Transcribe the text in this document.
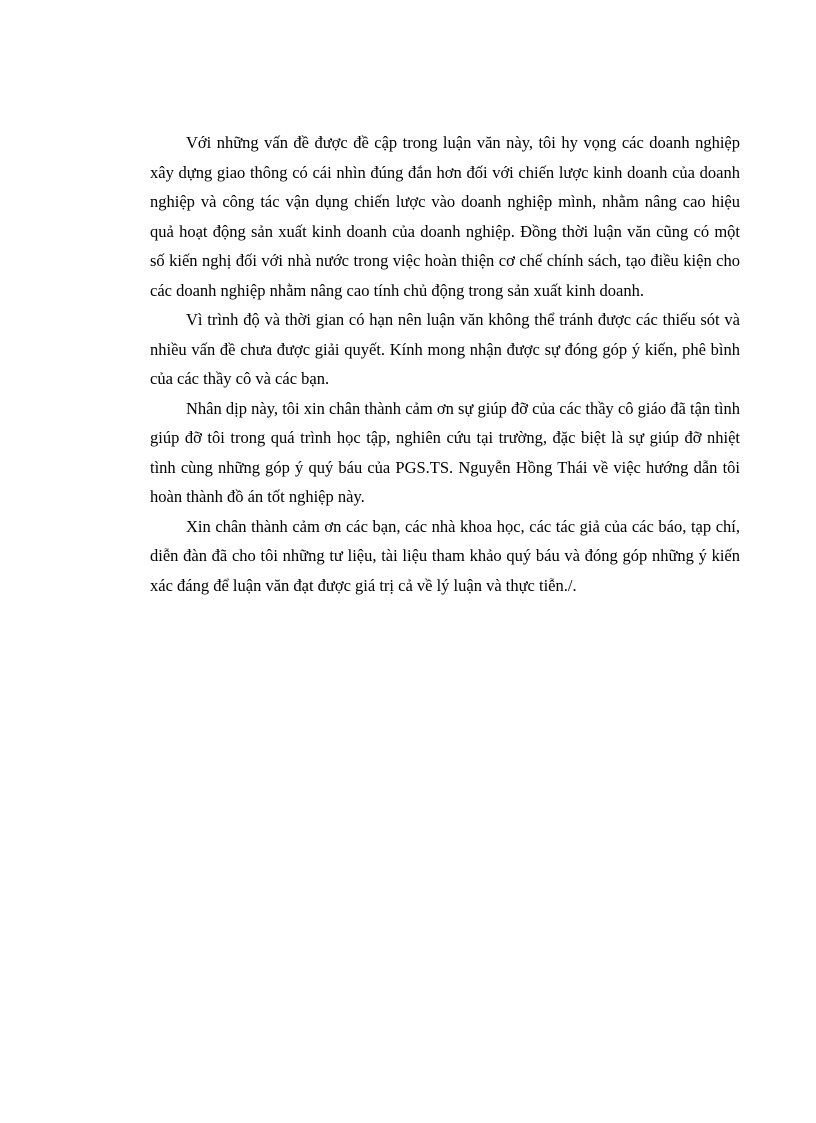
Với những vấn đề được đề cập trong luận văn này, tôi hy vọng các doanh nghiệp xây dựng giao thông có cái nhìn đúng đắn hơn đối với chiến lược kinh doanh của doanh nghiệp và công tác vận dụng chiến lược vào doanh nghiệp mình, nhằm nâng cao hiệu quả hoạt động sản xuất kinh doanh của doanh nghiệp. Đồng thời luận văn cũng có một số kiến nghị đối với nhà nước trong việc hoàn thiện cơ chế chính sách, tạo điều kiện cho các doanh nghiệp nhằm nâng cao tính chủ động trong sản xuất kinh doanh.

Vì trình độ và thời gian có hạn nên luận văn không thể tránh được các thiếu sót và nhiều vấn đề chưa được giải quyết. Kính mong nhận được sự đóng góp ý kiến, phê bình của các thầy cô và các bạn.

Nhân dịp này, tôi xin chân thành cảm ơn sự giúp đỡ của các thầy cô giáo đã tận tình giúp đỡ tôi trong quá trình học tập, nghiên cứu tại trường, đặc biệt là sự giúp đỡ nhiệt tình cùng những góp ý quý báu của PGS.TS. Nguyễn Hồng Thái về việc hướng dẫn tôi hoàn thành đồ án tốt nghiệp này.

Xin chân thành cảm ơn các bạn, các nhà khoa học, các tác giả của các báo, tạp chí, diễn đàn đã cho tôi những tư liệu, tài liệu tham khảo quý báu và đóng góp những ý kiến xác đáng để luận văn đạt được giá trị cả về lý luận và thực tiễn./.
